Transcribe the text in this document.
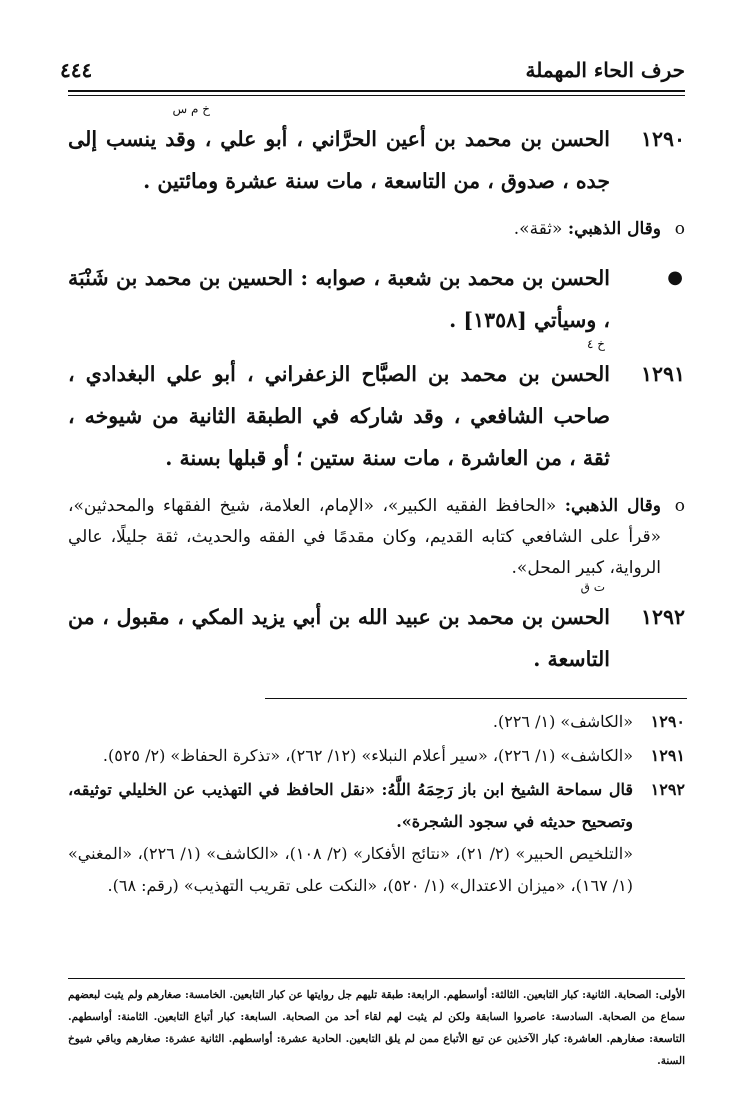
حرف الحاء المهملة
٤٤٤
١٢٩٠
خ م س
الحسن بن محمد بن أعين الحرَّاني ، أبو علي ، وقد ينسب إلى جده ، صدوق ، من التاسعة ، مات سنة عشرة ومائتين .
o
وقال الذهبي: «ثقة».
●
الحسن بن محمد بن شعبة ، صوابه : الحسين بن محمد بن شَنْبَة ، وسيأتي [١٣٥٨] .
١٢٩١
خ ٤
الحسن بن محمد بن الصبَّاح الزعفراني ، أبو علي البغدادي ، صاحب الشافعي ، وقد شاركه في الطبقة الثانية من شيوخه ، ثقة ، من العاشرة ، مات سنة ستين ؛ أو قبلها بسنة .
o
وقال الذهبي: «الحافظ الفقيه الكبير»، «الإمام، العلامة، شيخ الفقهاء والمحدثين»، «قرأ على الشافعي كتابه القديم، وكان مقدمًا في الفقه والحديث، ثقة جليلًا، عالي الرواية، كبير المحل».
١٢٩٢
ت ق
الحسن بن محمد بن عبيد الله بن أبي يزيد المكي ، مقبول ، من التاسعة .
١٢٩٠
«الكاشف» (١/ ٢٢٦).
١٢٩١
«الكاشف» (١/ ٢٢٦)، «سير أعلام النبلاء» (١٢/ ٢٦٢)، «تذكرة الحفاظ» (٢/ ٥٢٥).
١٢٩٢
قال سماحة الشيخ ابن باز رَحِمَهُ اللَّهُ: «نقل الحافظ في التهذيب عن الخليلي توثيقه، وتصحيح حديثه في سجود الشجرة».
«التلخيص الحبير» (٢/ ٢١)، «نتائج الأفكار» (٢/ ١٠٨)، «الكاشف» (١/ ٢٢٦)، «المغني» (١/ ١٦٧)، «ميزان الاعتدال» (١/ ٥٢٠)، «النكت على تقريب التهذيب» (رقم: ٦٨).
الأولى: الصحابة. الثانية: كبار التابعين. الثالثة: أواسطهم. الرابعة: طبقة تليهم جل روايتها عن كبار التابعين. الخامسة: صغارهم ولم يثبت لبعضهم سماع من الصحابة. السادسة: عاصروا السابقة ولكن لم يثبت لهم لقاء أحد من الصحابة. السابعة: كبار أتباع التابعين. الثامنة: أواسطهم. التاسعة: صغارهم. العاشرة: كبار الآخذين عن تبع الأتباع ممن لم يلق التابعين. الحادية عشرة: أواسطهم. الثانية عشرة: صغارهم وباقي شيوخ السنة.
